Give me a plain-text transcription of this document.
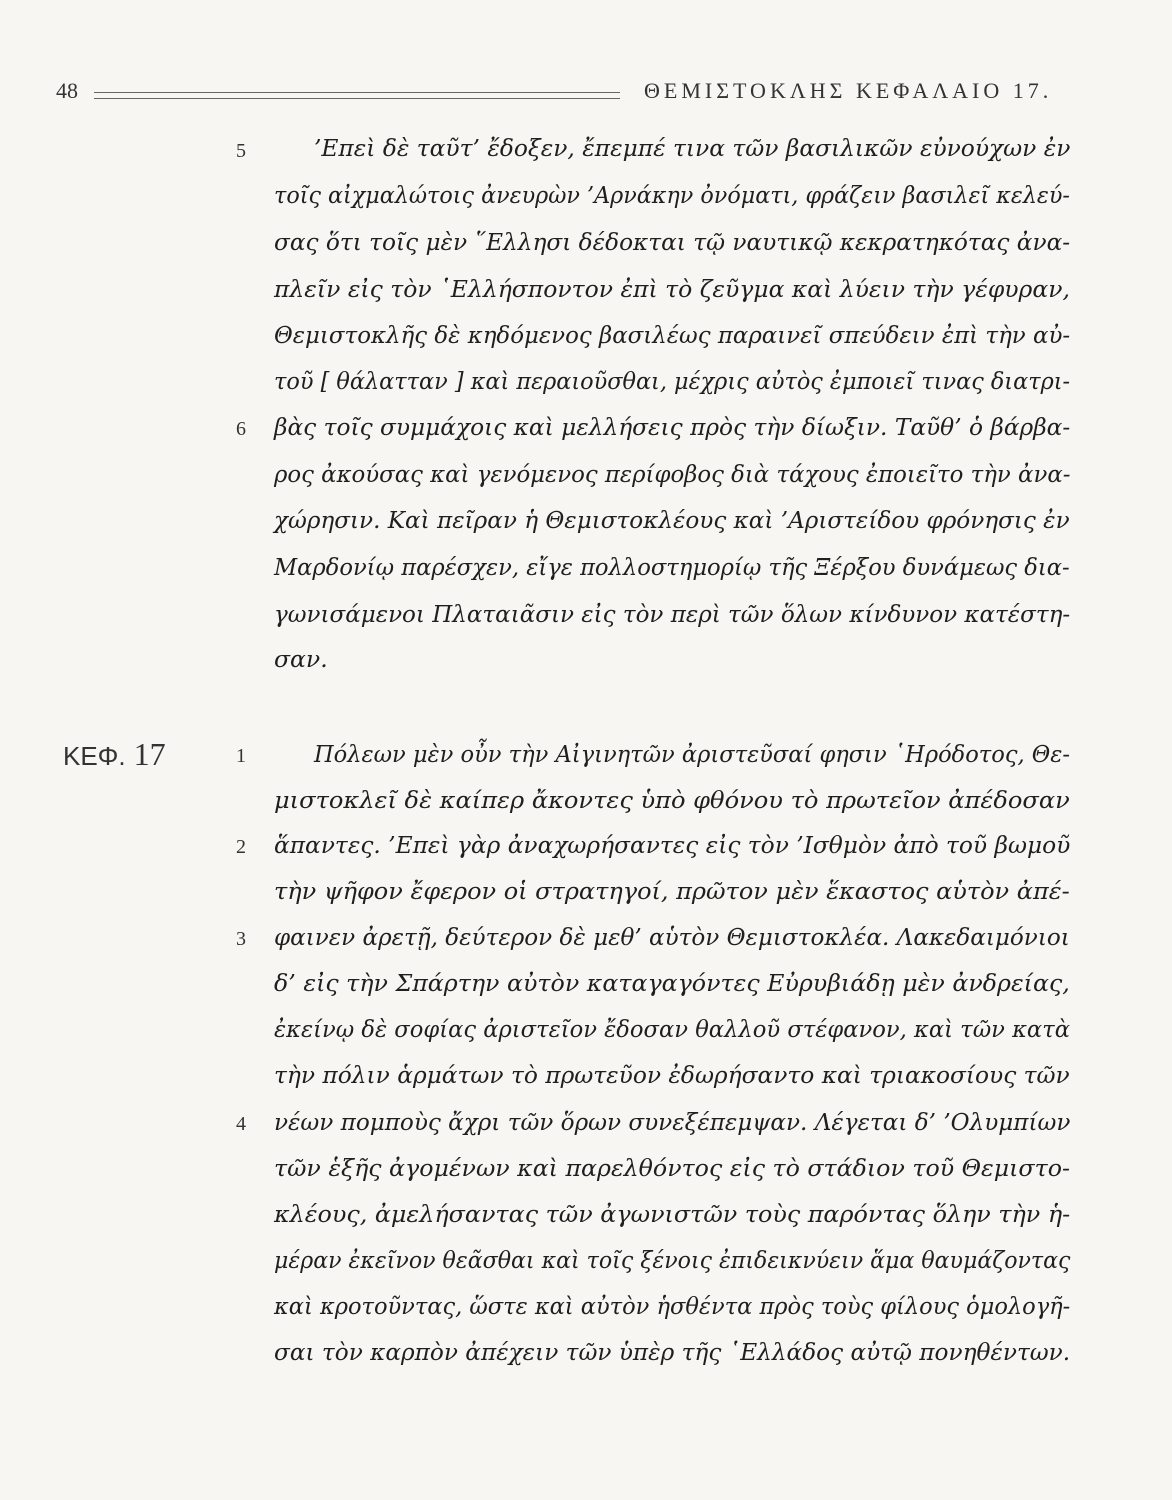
48	ΘΕΜΙΣΤΟΚΛΗΣ ΚΕΦΑΛΑΙΟ 17.
ΚΕΦ. 17
5
6
1
2
3
4
’Επεὶ δὲ ταῦτ’ ἔδοξεν, ἔπεμπέ τινα τῶν βασιλικῶν εὐνούχων ἐν
τοῖς αἰχμαλώτοις ἀνευρὼν ’Αρνάκην ὀνόματι, φράζειν βασιλεῖ κελεύ-
σας ὅτι τοῖς μὲν ῞Ελλησι δέδοκται τῷ ναυτικῷ κεκρατηκότας ἀνα-
πλεῖν εἰς τὸν ῾Ελλήσποντον ἐπὶ τὸ ζεῦγμα καὶ λύειν τὴν γέφυραν,
Θεμιστοκλῆς δὲ κηδόμενος βασιλέως παραινεῖ σπεύδειν ἐπὶ τὴν αὐ-
τοῦ [ θάλατταν ] καὶ περαιοῦσθαι, μέχρις αὐτὸς ἐμποιεῖ τινας διατρι-
βὰς τοῖς συμμάχοις καὶ μελλήσεις πρὸς τὴν δίωξιν. Ταῦθ’ ὁ βάρβα-
ρος ἀκούσας καὶ γενόμενος περίφοβος διὰ τάχους ἐποιεῖτο τὴν ἀνα-
χώρησιν. Καὶ πεῖραν ἡ Θεμιστοκλέους καὶ ’Αριστείδου φρόνησις ἐν
Μαρδονίῳ παρέσχεν, εἴγε πολλοστημορίῳ τῆς Ξέρξου δυνάμεως δια-
γωνισάμενοι Πλαταιᾶσιν εἰς τὸν περὶ τῶν ὅλων κίνδυνον κατέστη-
σαν.
Πόλεων μὲν οὖν τὴν Αἰγινητῶν ἀριστεῦσαί φησιν ῾Ηρόδοτος, Θε-
μιστοκλεῖ δὲ καίπερ ἄκοντες ὑπὸ φθόνου τὸ πρωτεῖον ἀπέδοσαν
ἅπαντες. ’Επεὶ γὰρ ἀναχωρήσαντες εἰς τὸν ’Ισθμὸν ἀπὸ τοῦ βωμοῦ
τὴν ψῆφον ἔφερον οἱ στρατηγοί, πρῶτον μὲν ἕκαστος αὑτὸν ἀπέ-
φαινεν ἀρετῇ, δεύτερον δὲ μεθ’ αὑτὸν Θεμιστοκλέα. Λακεδαιμόνιοι
δ’ εἰς τὴν Σπάρτην αὐτὸν καταγαγόντες Εὐρυβιάδῃ μὲν ἀνδρείας,
ἐκείνῳ δὲ σοφίας ἀριστεῖον ἔδοσαν θαλλοῦ στέφανον, καὶ τῶν κατὰ
τὴν πόλιν ἁρμάτων τὸ πρωτεῦον ἐδωρήσαντο καὶ τριακοσίους τῶν
νέων πομποὺς ἄχρι τῶν ὅρων συνεξέπεμψαν. Λέγεται δ’ ’Ολυμπίων
τῶν ἑξῆς ἀγομένων καὶ παρελθόντος εἰς τὸ στάδιον τοῦ Θεμιστο-
κλέους, ἀμελήσαντας τῶν ἀγωνιστῶν τοὺς παρόντας ὅλην τὴν ἡ-
μέραν ἐκεῖνον θεᾶσθαι καὶ τοῖς ξένοις ἐπιδεικνύειν ἅμα θαυμάζοντας
καὶ κροτοῦντας, ὥστε καὶ αὐτὸν ἡσθέντα πρὸς τοὺς φίλους ὁμολογῆ-
σαι τὸν καρπὸν ἀπέχειν τῶν ὑπὲρ τῆς ῾Ελλάδος αὐτῷ πονηθέντων.
